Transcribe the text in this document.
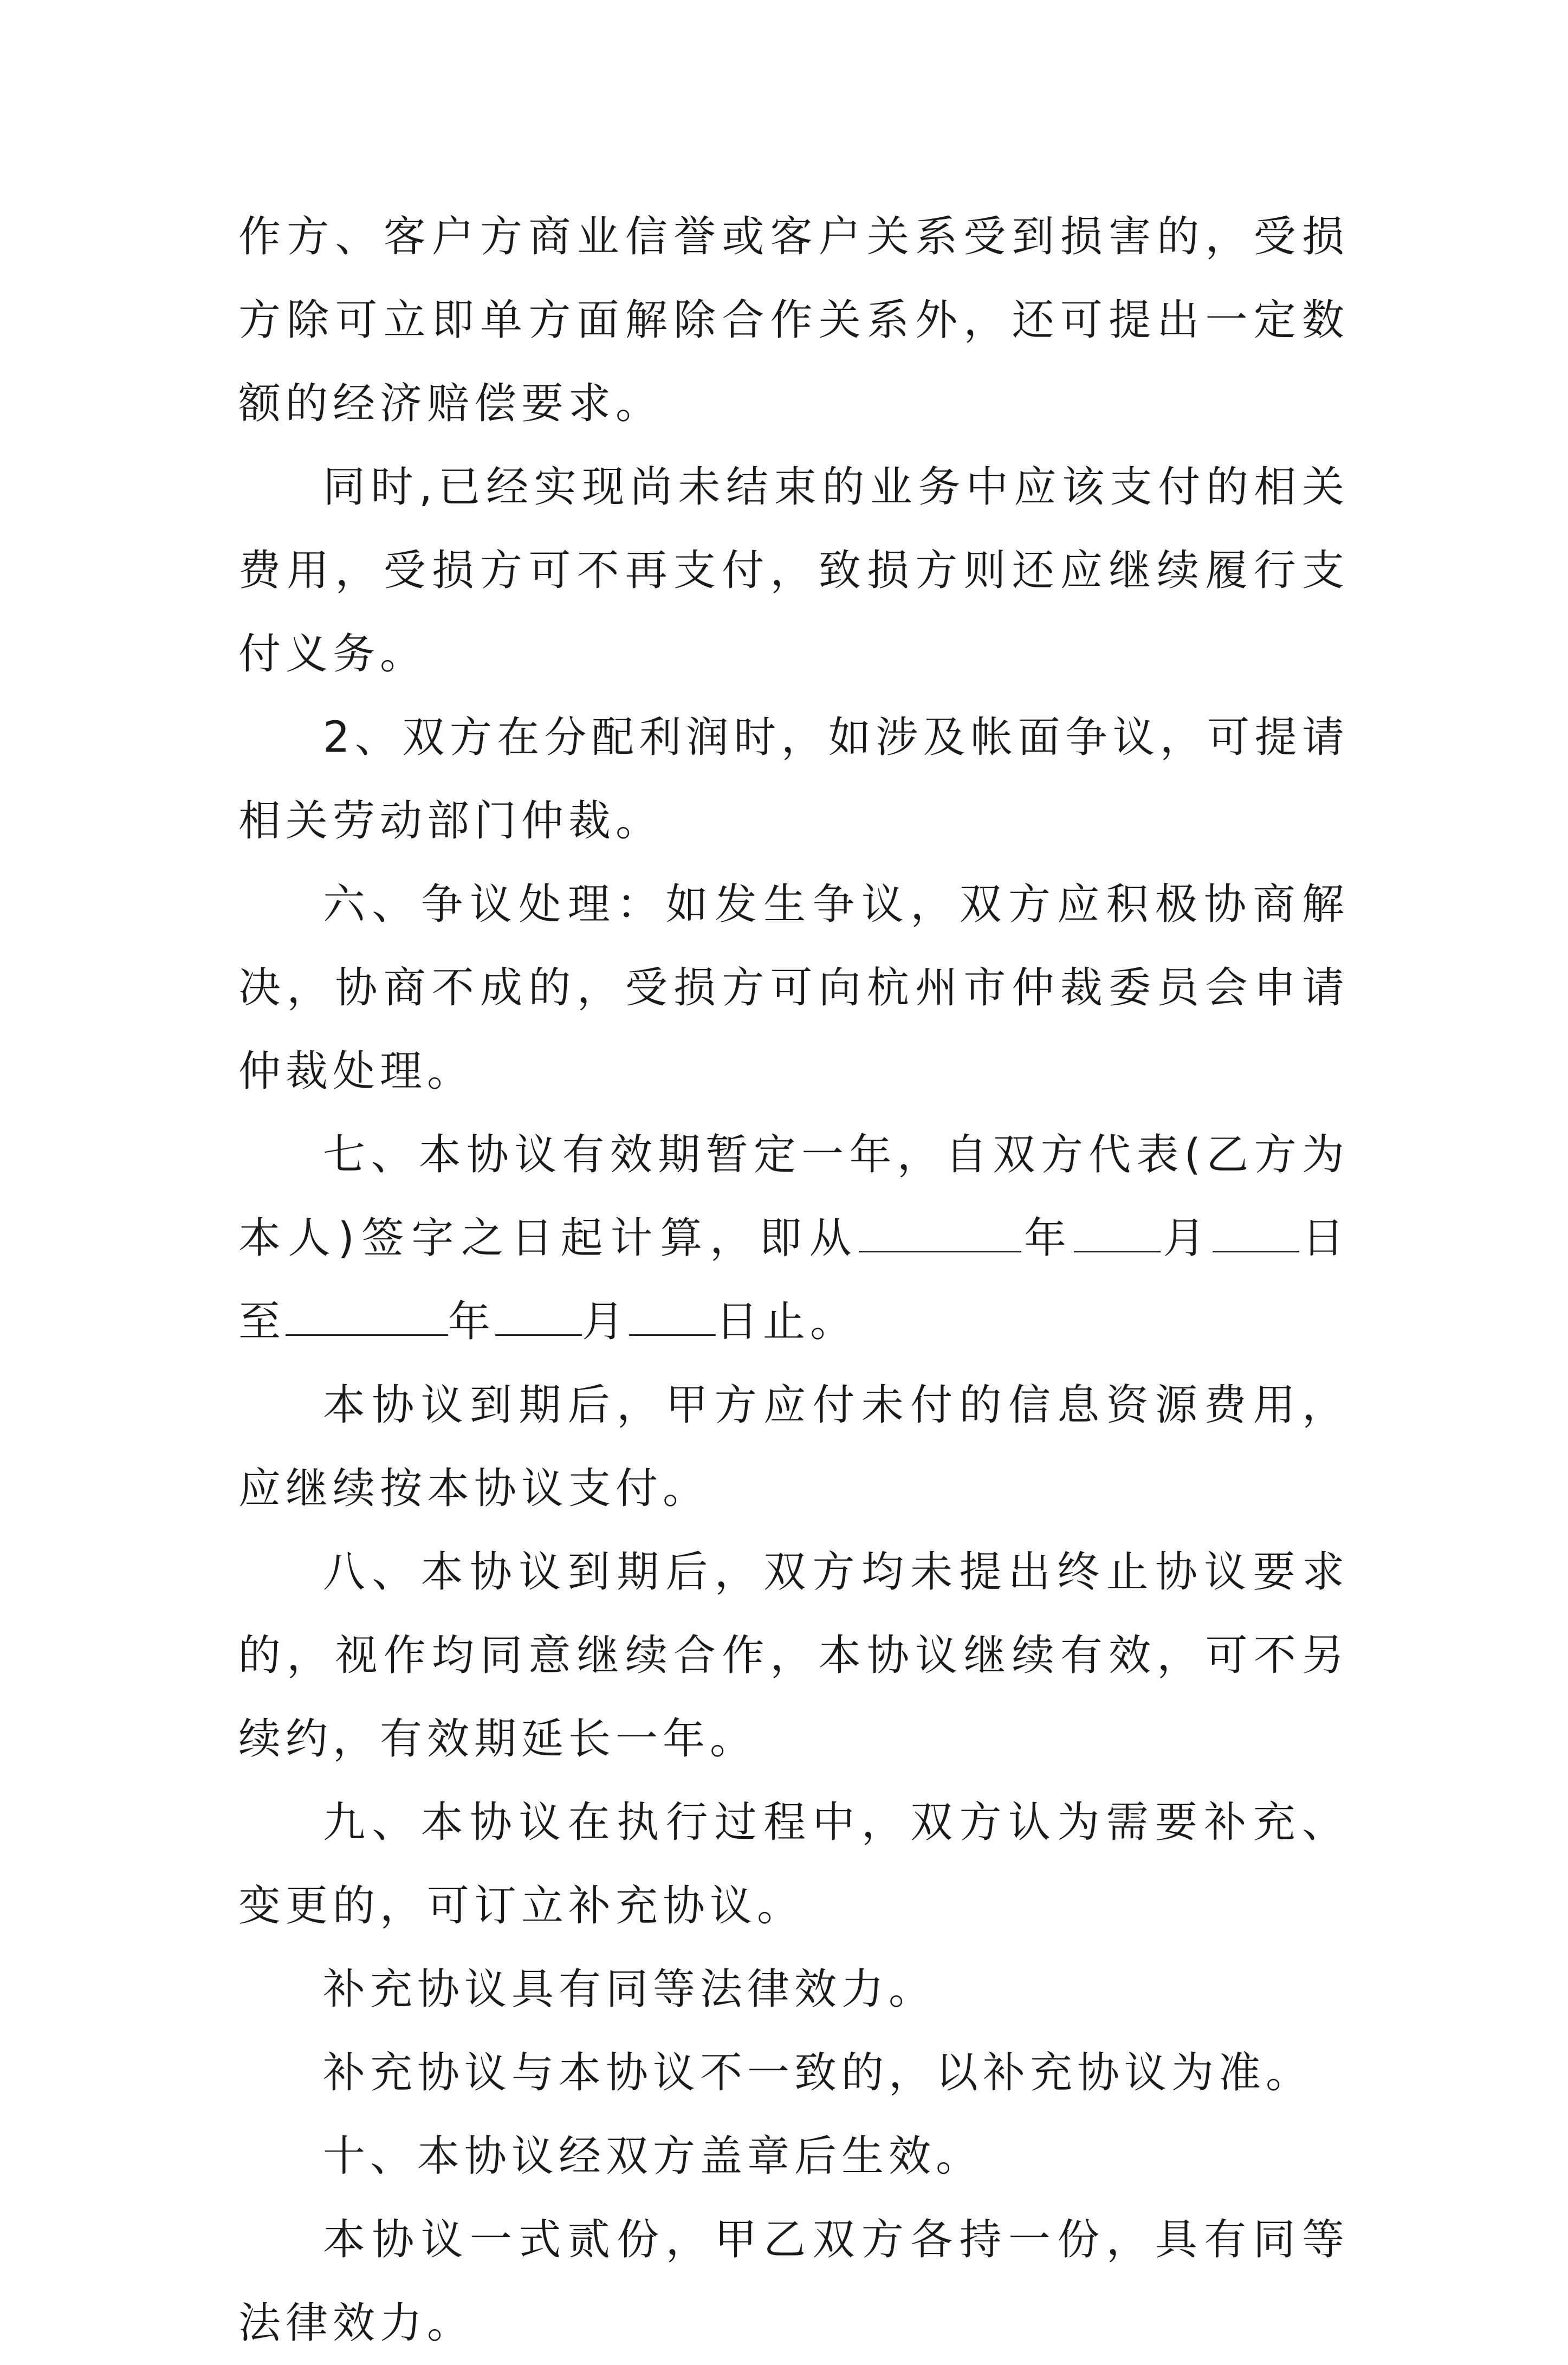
作方、客户方商业信誉或客户关系受到损害的，受损方除可立即单方面解除合作关系外，还可提出一定数额的经济赔偿要求。

同时,已经实现尚未结束的业务中应该支付的相关费用，受损方可不再支付，致损方则还应继续履行支付义务。

2、双方在分配利润时，如涉及帐面争议，可提请相关劳动部门仲裁。

六、争议处理：如发生争议，双方应积极协商解决，协商不成的，受损方可向杭州市仲裁委员会申请仲裁处理。

七、本协议有效期暂定一年，自双方代表(乙方为本人)签字之日起计算，即从	年 月 日至	年 月 日止。

本协议到期后，甲方应付未付的信息资源费用，应继续按本协议支付。

八、本协议到期后，双方均未提出终止协议要求的，视作均同意继续合作，本协议继续有效，可不另续约，有效期延长一年。

九、本协议在执行过程中，双方认为需要补充、变更的，可订立补充协议。

补充协议具有同等法律效力。

补充协议与本协议不一致的，以补充协议为准。

十、本协议经双方盖章后生效。

本协议一式贰份，甲乙双方各持一份，具有同等法律效力。
